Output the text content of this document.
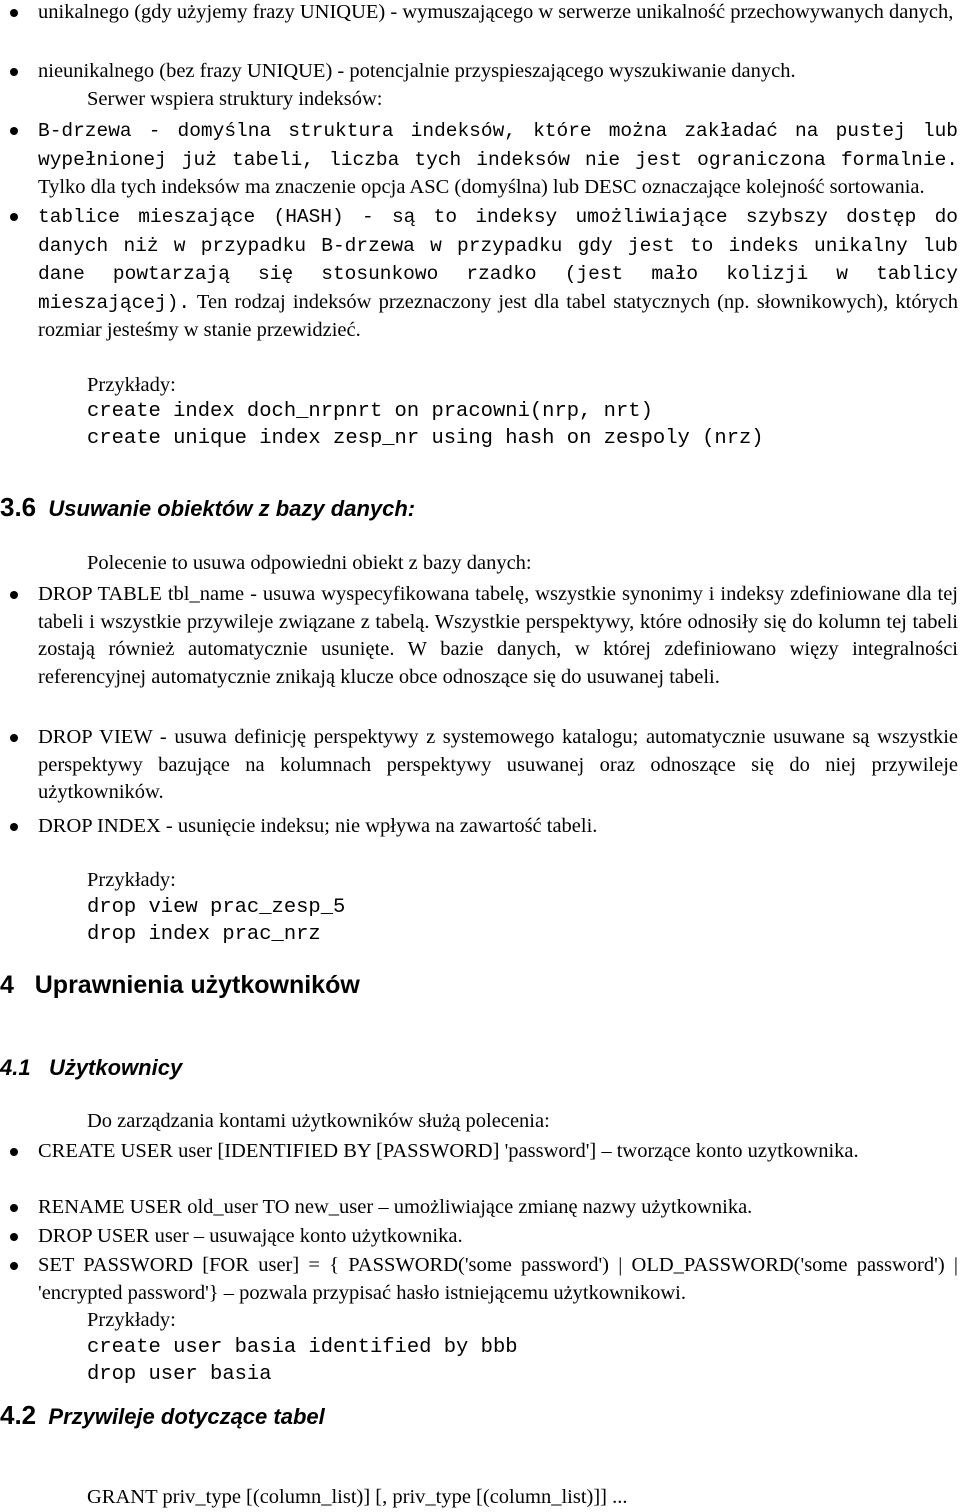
unikalnego (gdy użyjemy frazy UNIQUE) - wymuszającego w serwerze unikalność przechowywanych danych,
nieunikalnego (bez frazy UNIQUE) - potencjalnie przyspieszającego wyszukiwanie danych.
Serwer wspiera struktury indeksów:
B-drzewa - domyślna struktura indeksów, które można zakładać na pustej lub wypełnionej już tabeli, liczba tych indeksów nie jest ograniczona formalnie. Tylko dla tych indeksów ma znaczenie opcja ASC (domyślna) lub DESC oznaczające kolejność sortowania.
tablice mieszające (HASH) - są to indeksy umożliwiające szybszy dostęp do danych niż w przypadku B-drzewa w przypadku gdy jest to indeks unikalny lub dane powtarzają się stosunkowo rzadko (jest mało kolizji w tablicy mieszającej). Ten rodzaj indeksów przeznaczony jest dla tabel statycznych (np. słownikowych), których rozmiar jesteśmy w stanie przewidzieć.
Przykłady:
create index doch_nrpnrt on pracowni(nrp, nrt)
create unique index zesp_nr using hash on zespoly (nrz)
3.6 Usuwanie obiektów z bazy danych:
Polecenie to usuwa odpowiedni obiekt z bazy danych:
DROP TABLE tbl_name - usuwa wyspecyfikowana tabelę, wszystkie synonimy i indeksy zdefiniowane dla tej tabeli i wszystkie przywileje związane z tabelą. Wszystkie perspektywy, które odnosiły się do kolumn tej tabeli zostają również automatycznie usunięte. W bazie danych, w której zdefiniowano więzy integralności referencyjnej automatycznie znikają klucze obce odnoszące się do usuwanej tabeli.
DROP VIEW - usuwa definicję perspektywy z systemowego katalogu; automatycznie usuwane są wszystkie perspektywy bazujące na kolumnach perspektywy usuwanej oraz odnoszące się do niej przywileje użytkowników.
DROP INDEX - usunięcie indeksu; nie wpływa na zawartość tabeli.
Przykłady:
drop view prac_zesp_5
drop index prac_nrz
4 Uprawnienia użytkowników
4.1 Użytkownicy
Do zarządzania kontami użytkowników służą polecenia:
CREATE USER user [IDENTIFIED BY [PASSWORD] 'password'] – tworzące konto uzytkownika.
RENAME USER old_user TO new_user – umożliwiające zmianę nazwy użytkownika.
DROP USER user – usuwające konto użytkownika.
SET PASSWORD [FOR user] = { PASSWORD('some password') | OLD_PASSWORD('some password') | 'encrypted password'} – pozwala przypisać hasło istniejącemu użytkownikowi.
Przykłady:
create user basia identified by bbb
drop user basia
4.2 Przywileje dotyczące tabel
GRANT priv_type [(column_list)] [, priv_type [(column_list)]] ...
